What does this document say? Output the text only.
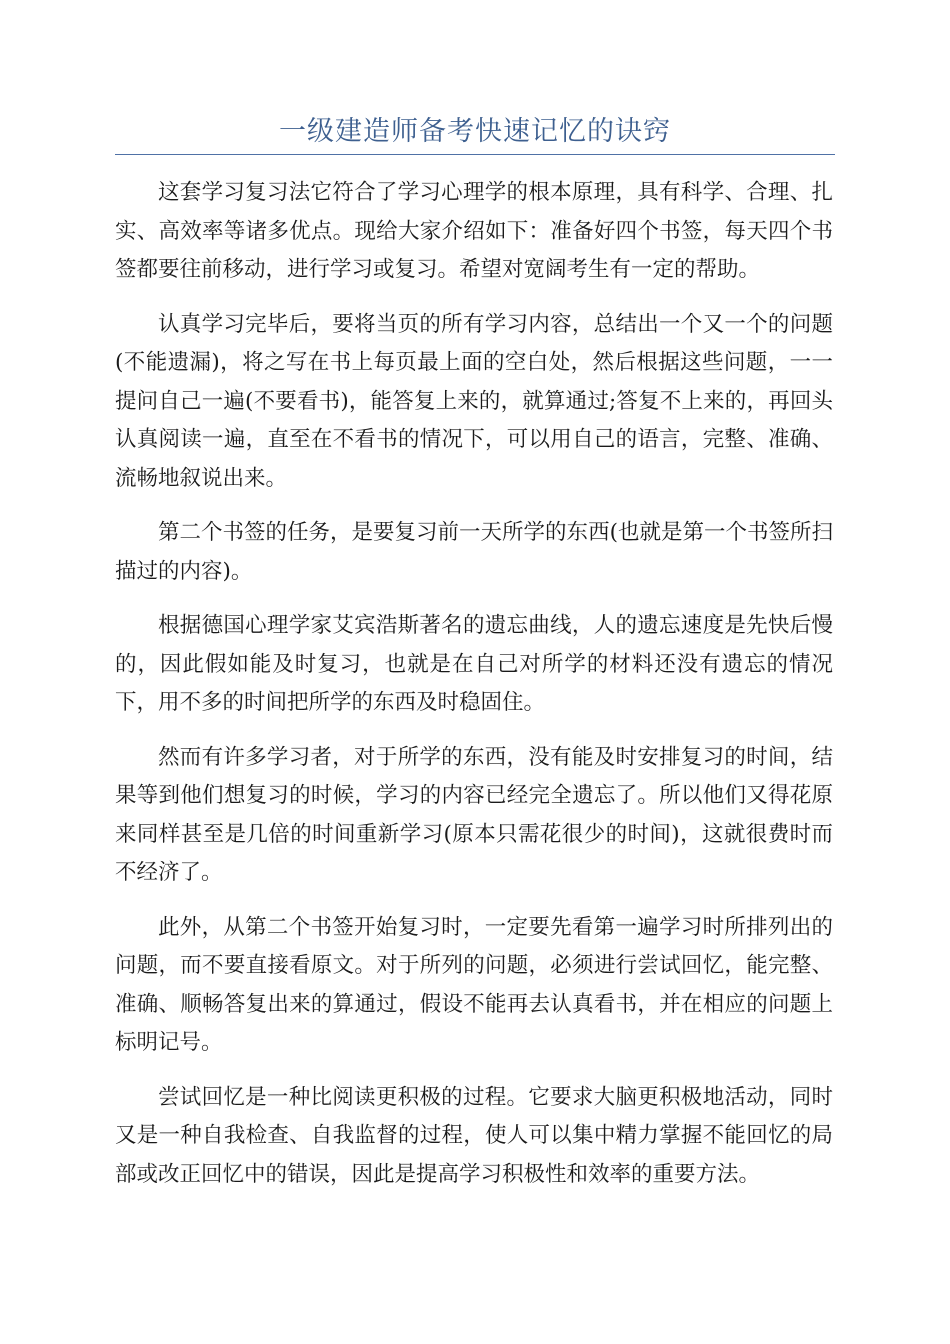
一级建造师备考快速记忆的诀窍

这套学习复习法它符合了学习心理学的根本原理，具有科学、合理、扎实、高效率等诸多优点。现给大家介绍如下：准备好四个书签，每天四个书签都要往前移动，进行学习或复习。希望对宽阔考生有一定的帮助。

认真学习完毕后，要将当页的所有学习内容，总结出一个又一个的问题(不能遗漏)，将之写在书上每页最上面的空白处，然后根据这些问题，一一提问自己一遍(不要看书)，能答复上来的，就算通过;答复不上来的，再回头认真阅读一遍，直至在不看书的情况下，可以用自己的语言，完整、准确、流畅地叙说出来。

第二个书签的任务，是要复习前一天所学的东西(也就是第一个书签所扫描过的内容)。

根据德国心理学家艾宾浩斯著名的遗忘曲线，人的遗忘速度是先快后慢的，因此假如能及时复习，也就是在自己对所学的材料还没有遗忘的情况下，用不多的时间把所学的东西及时稳固住。

然而有许多学习者，对于所学的东西，没有能及时安排复习的时间，结果等到他们想复习的时候，学习的内容已经完全遗忘了。所以他们又得花原来同样甚至是几倍的时间重新学习(原本只需花很少的时间)，这就很费时而不经济了。

此外，从第二个书签开始复习时，一定要先看第一遍学习时所排列出的问题，而不要直接看原文。对于所列的问题，必须进行尝试回忆，能完整、准确、顺畅答复出来的算通过，假设不能再去认真看书，并在相应的问题上标明记号。

尝试回忆是一种比阅读更积极的过程。它要求大脑更积极地活动，同时又是一种自我检查、自我监督的过程，使人可以集中精力掌握不能回忆的局部或改正回忆中的错误，因此是提高学习积极性和效率的重要方法。
